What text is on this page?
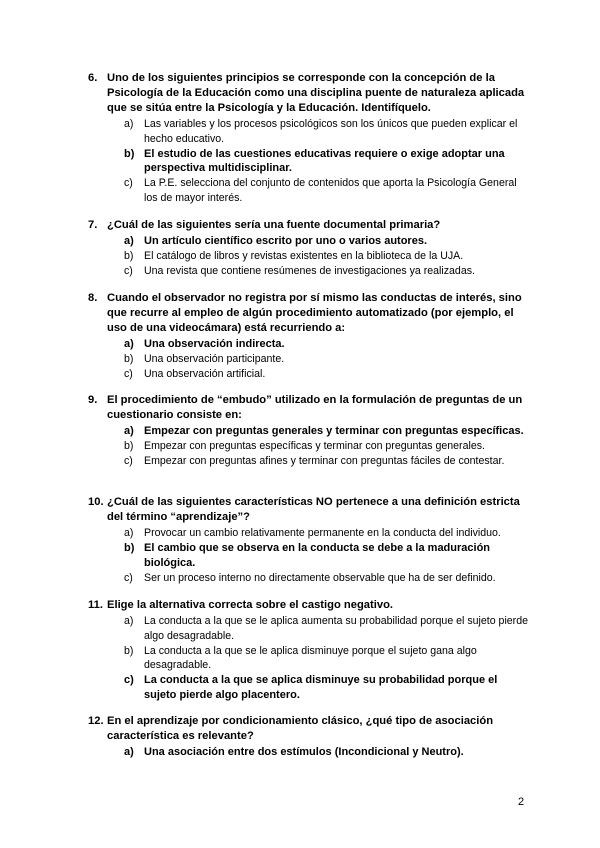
6. Uno de los siguientes principios se corresponde con la concepción de la Psicología de la Educación como una disciplina puente de naturaleza aplicada que se sitúa entre la Psicología y la Educación. Identifíquelo.
a) Las variables y los procesos psicológicos son los únicos que pueden explicar el hecho educativo.
b) El estudio de las cuestiones educativas requiere o exige adoptar una perspectiva multidisciplinar.
c)	La P.E. selecciona del conjunto de contenidos que aporta la Psicología General los de mayor interés.
7. ¿Cuál de las siguientes sería una fuente documental primaria?
a) Un artículo científico escrito por uno o varios autores.
b) El catálogo de libros y revistas existentes en la biblioteca de la UJA.
c)	Una revista que contiene resúmenes de investigaciones ya realizadas.
8. Cuando el observador no registra por sí mismo las conductas de interés, sino que recurre al empleo de algún procedimiento automatizado (por ejemplo, el uso de una videocámara) está recurriendo a:
a) Una observación indirecta.
b) Una observación participante.
c)	Una observación artificial.
9. El procedimiento de “embudo” utilizado en la formulación de preguntas de un cuestionario consiste en:
a) Empezar con preguntas generales y terminar con preguntas específicas.
b) Empezar con preguntas específicas y terminar con preguntas generales.
c)	Empezar con preguntas afines y terminar con preguntas fáciles de contestar.
10. ¿Cuál de las siguientes características NO pertenece a una definición estricta del término “aprendizaje”?
a) Provocar un cambio relativamente permanente en la conducta del individuo.
b) El cambio que se observa en la conducta se debe a la maduración biológica.
c)	Ser un proceso interno no directamente observable que ha de ser definido.
11. Elige la alternativa correcta sobre el castigo negativo.
a) La conducta a la que se le aplica aumenta su probabilidad porque el sujeto pierde algo desagradable.
b) La conducta a la que se le aplica disminuye porque el sujeto gana algo desagradable.
c) La conducta a la que se aplica disminuye su probabilidad porque el sujeto pierde algo placentero.
12. En el aprendizaje por condicionamiento clásico, ¿qué tipo de asociación característica es relevante?
a) Una asociación entre dos estímulos (Incondicional y Neutro).
2
